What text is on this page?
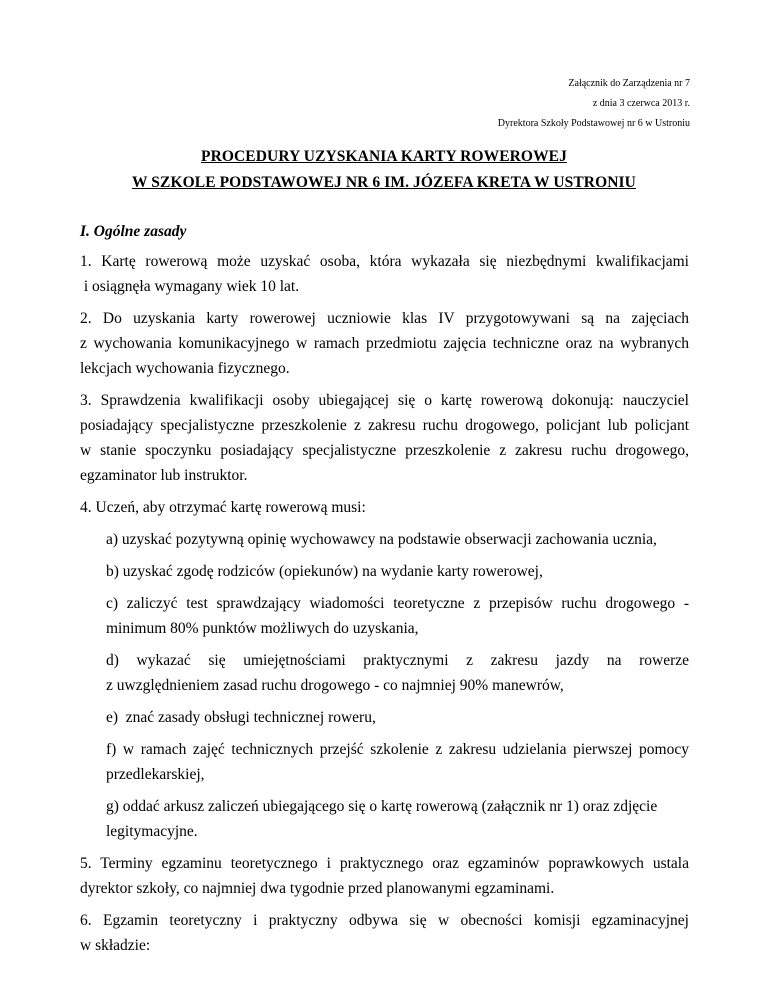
Załącznik do Zarządzenia nr 7
z dnia 3 czerwca 2013 r.
Dyrektora Szkoły Podstawowej nr 6 w Ustroniu
PROCEDURY UZYSKANIA KARTY ROWEROWEJ
W SZKOLE PODSTAWOWEJ NR 6 IM. JÓZEFA KRETA W USTRONIU
I. Ogólne zasady
1. Kartę rowerową może uzyskać osoba, która wykazała się niezbędnymi kwalifikacjami
i osiągnęła wymagany wiek 10 lat.
2. Do uzyskania karty rowerowej uczniowie klas IV przygotowywani są na zajęciach
z wychowania komunikacyjnego w ramach przedmiotu zajęcia techniczne oraz na wybranych
lekcjach wychowania fizycznego.
3. Sprawdzenia kwalifikacji osoby ubiegającej się o kartę rowerową dokonują: nauczyciel
posiadający specjalistyczne przeszkolenie z zakresu ruchu drogowego, policjant lub policjant
w stanie spoczynku posiadający specjalistyczne przeszkolenie z zakresu ruchu drogowego,
egzaminator lub instruktor.
4. Uczeń, aby otrzymać kartę rowerową musi:
a) uzyskać pozytywną opinię wychowawcy na podstawie obserwacji zachowania ucznia,
b) uzyskać zgodę rodziców (opiekunów) na wydanie karty rowerowej,
c) zaliczyć test sprawdzający wiadomości teoretyczne z przepisów ruchu drogowego -
minimum 80% punktów możliwych do uzyskania,
d) wykazać się umiejętnościami praktycznymi z zakresu jazdy na rowerze
z uwzględnieniem zasad ruchu drogowego - co najmniej 90% manewrów,
e)  znać zasady obsługi technicznej roweru,
f) w ramach zajęć technicznych przejść szkolenie z zakresu udzielania pierwszej pomocy
przedlekarskiej,
g) oddać arkusz zaliczeń ubiegającego się o kartę rowerową (załącznik nr 1) oraz zdjęcie
legitymacyjne.
5. Terminy egzaminu teoretycznego i praktycznego oraz egzaminów poprawkowych ustala
dyrektor szkoły, co najmniej dwa tygodnie przed planowanymi egzaminami.
6. Egzamin teoretyczny i praktyczny odbywa się w obecności komisji egzaminacyjnej
w składzie:
